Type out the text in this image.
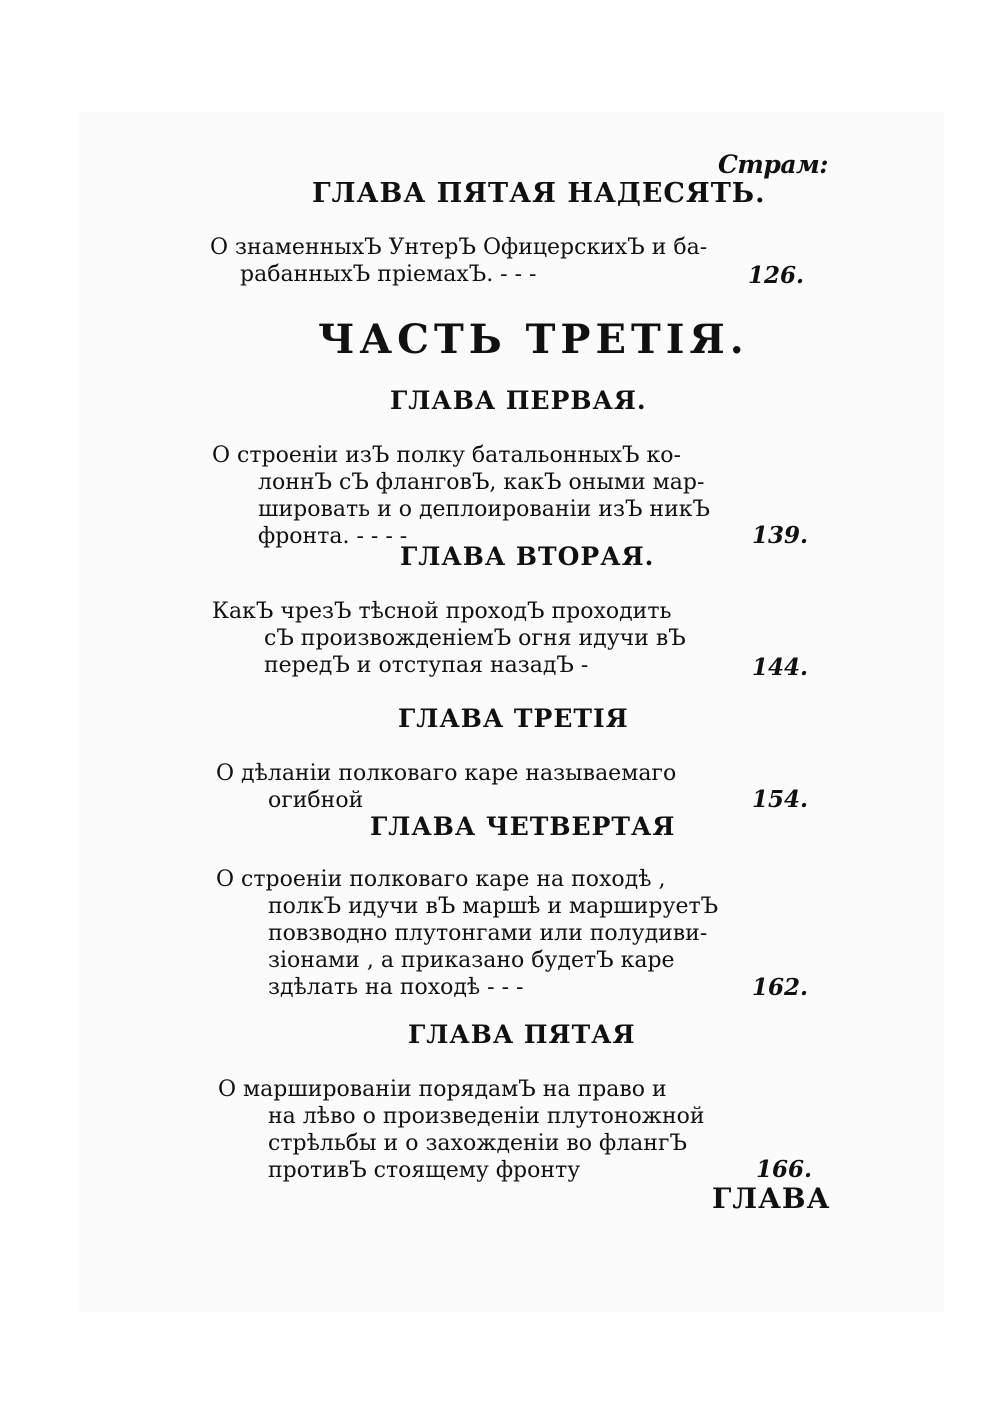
Страм:
ГЛАВА ПЯТАЯ НАДЕСЯТЬ.
О знаменныхЪ УнтерЪ ОфицерскихЪ и ба-
рабанныхЪ пріемахЪ. - - -	126.
ЧАСТЬ ТРЕТІЯ.
ГЛАВА ПЕРВАЯ.
О строеніи изЪ полку батальонныхЪ ко-
лоннЪ сЪ фланговЪ, какЪ оными мар-
шировать и о деплоированіи изЪ никЪ
фронта. - - - -	139.
ГЛАВА ВТОРАЯ.
КакЪ чрезЪ тѣсной проходЪ проходить
сЪ произвожденіемЪ огня идучи вЪ
передЪ и отступая назадЪ -	144.
ГЛАВА ТРЕТІЯ
О дѣланіи полковаго каре называемаго
огибной	154.
ГЛАВА ЧЕТВЕРТАЯ
О строеніи полковаго каре на походѣ ,
полкЪ идучи вЪ маршѣ и маршируетЪ
повзводно плутонгами или полудиви-
зіонами , а приказано будетЪ каре
здѣлать на походѣ - - -	162.
ГЛАВА ПЯТАЯ
О маршированіи порядамЪ на право и
на лѣво о произведеніи плутоножной
стрѣльбы и о захожденіи во флангЪ
противЪ стоящему фронту	166.
ГЛАВА
